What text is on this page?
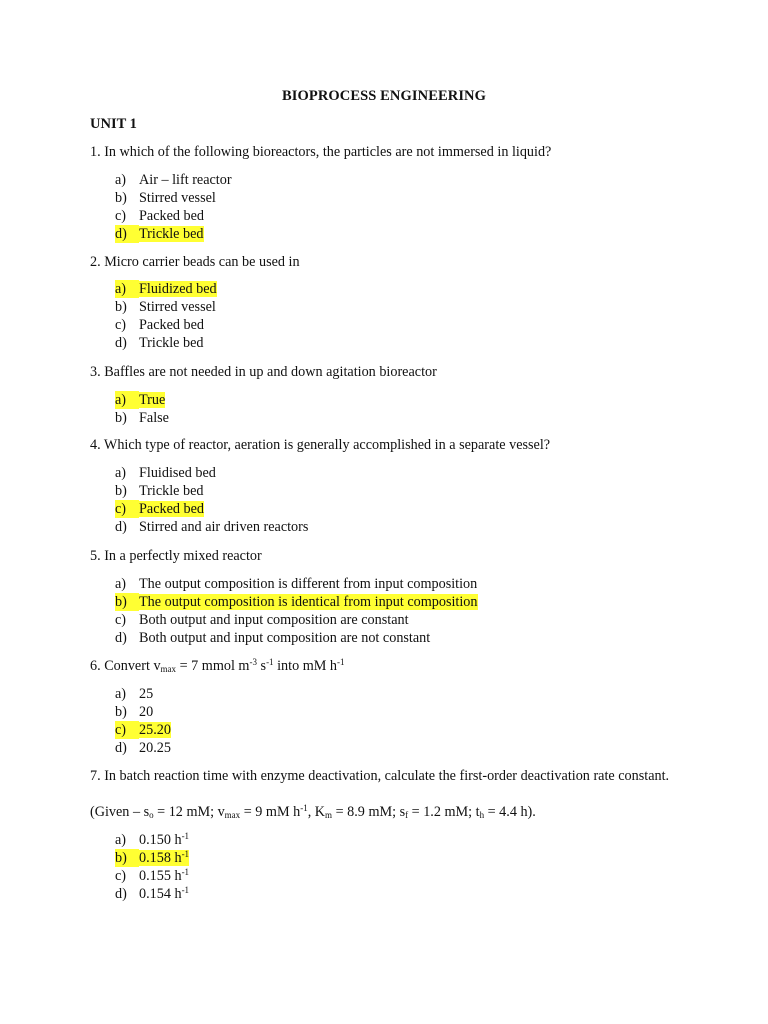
BIOPROCESS ENGINEERING
UNIT 1
1. In which of the following bioreactors, the particles are not immersed in liquid?
a) Air – lift reactor
b) Stirred vessel
c) Packed bed
d) Trickle bed
2. Micro carrier beads can be used in
a) Fluidized bed
b) Stirred vessel
c) Packed bed
d) Trickle bed
3. Baffles are not needed in up and down agitation bioreactor
a) True
b) False
4. Which type of reactor, aeration is generally accomplished in a separate vessel?
a) Fluidised bed
b) Trickle bed
c) Packed bed
d) Stirred and air driven reactors
5. In a perfectly mixed reactor
a) The output composition is different from input composition
b) The output composition is identical from input composition
c) Both output and input composition are constant
d) Both output and input composition are not constant
6. Convert $v_{max} = 7$ mmol $m^{-3}$ $s^{-1}$ into mM $h^{-1}$
a) 25
b) 20
c) 25.20
d) 20.25
7. In batch reaction time with enzyme deactivation, calculate the first-order deactivation rate constant.
(Given – $s_o = 12$ mM; $v_{max} = 9$ mM $h^{-1}$, $K_m = 8.9$ mM; $s_f = 1.2$ mM; $t_h = 4.4$ h).
a) 0.150 $h^{-1}$
b) 0.158 $h^{-1}$
c) 0.155 $h^{-1}$
d) 0.154 $h^{-1}$
